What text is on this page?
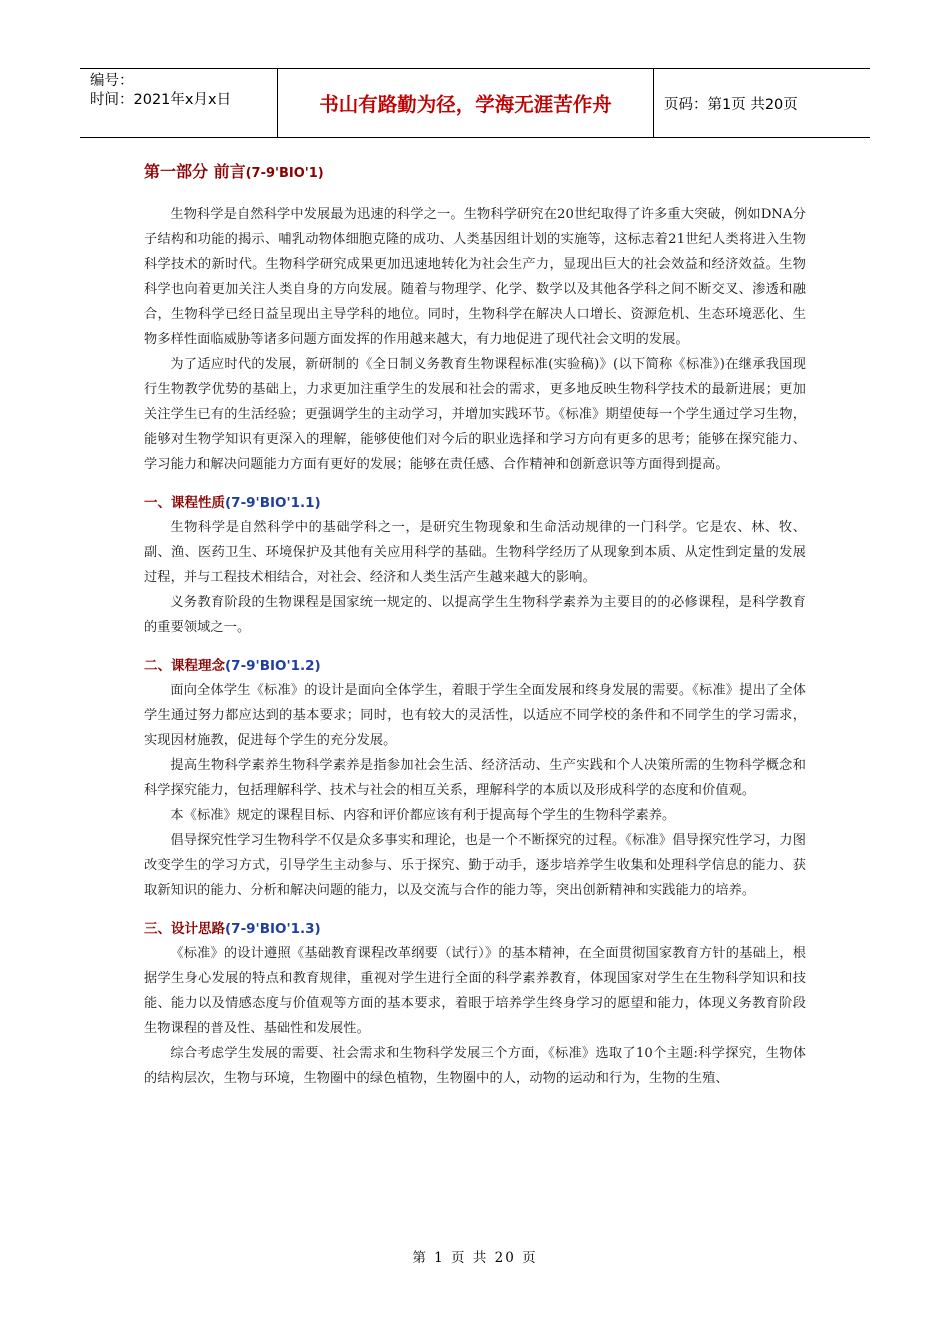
编号：
时间：2021年x月x日	书山有路勤为径，学海无涯苦作舟	页码：第1页 共20页
第一部分 前言(7-9'BIO'1)

生物科学是自然科学中发展最为迅速的科学之一。生物科学研究在20世纪取得了许多重大突破，例如DNA分子结构和功能的揭示、哺乳动物体细胞克隆的成功、人类基因组计划的实施等，这标志着21世纪人类将进入生物科学技术的新时代。生物科学研究成果更加迅速地转化为社会生产力，显现出巨大的社会效益和经济效益。生物科学也向着更加关注人类自身的方向发展。随着与物理学、化学、数学以及其他各学科之间不断交叉、渗透和融合，生物科学已经日益呈现出主导学科的地位。同时，生物科学在解决人口增长、资源危机、生态环境恶化、生物多样性面临威胁等诸多问题方面发挥的作用越来越大，有力地促进了现代社会文明的发展。

为了适应时代的发展，新研制的《全日制义务教育生物课程标准(实验稿)》(以下简称《标准》)在继承我国现行生物教学优势的基础上，力求更加注重学生的发展和社会的需求，更多地反映生物科学技术的最新进展；更加关注学生已有的生活经验；更强调学生的主动学习，并增加实践环节。《标准》期望使每一个学生通过学习生物，能够对生物学知识有更深入的理解，能够使他们对今后的职业选择和学习方向有更多的思考；能够在探究能力、学习能力和解决问题能力方面有更好的发展；能够在责任感、合作精神和创新意识等方面得到提高。

一、课程性质(7-9'BIO'1.1)

生物科学是自然科学中的基础学科之一，是研究生物现象和生命活动规律的一门科学。它是农、林、牧、副、渔、医药卫生、环境保护及其他有关应用科学的基础。生物科学经历了从现象到本质、从定性到定量的发展过程，并与工程技术相结合，对社会、经济和人类生活产生越来越大的影响。

义务教育阶段的生物课程是国家统一规定的、以提高学生生物科学素养为主要目的的必修课程，是科学教育的重要领域之一。

二、课程理念(7-9'BIO'1.2)

面向全体学生《标准》的设计是面向全体学生，着眼于学生全面发展和终身发展的需要。《标准》提出了全体学生通过努力都应达到的基本要求；同时，也有较大的灵活性，以适应不同学校的条件和不同学生的学习需求，实现因材施教，促进每个学生的充分发展。

提高生物科学素养生物科学素养是指参加社会生活、经济活动、生产实践和个人决策所需的生物科学概念和科学探究能力，包括理解科学、技术与社会的相互关系，理解科学的本质以及形成科学的态度和价值观。

本《标准》规定的课程目标、内容和评价都应该有利于提高每个学生的生物科学素养。

倡导探究性学习生物科学不仅是众多事实和理论，也是一个不断探究的过程。《标准》倡导探究性学习，力图改变学生的学习方式，引导学生主动参与、乐于探究、勤于动手，逐步培养学生收集和处理科学信息的能力、获取新知识的能力、分析和解决问题的能力，以及交流与合作的能力等，突出创新精神和实践能力的培养。

三、设计思路(7-9'BIO'1.3)

《标准》的设计遵照《基础教育课程改革纲要（试行）》的基本精神，在全面贯彻国家教育方针的基础上，根据学生身心发展的特点和教育规律，重视对学生进行全面的科学素养教育，体现国家对学生在生物科学知识和技能、能力以及情感态度与价值观等方面的基本要求，着眼于培养学生终身学习的愿望和能力，体现义务教育阶段生物课程的普及性、基础性和发展性。

综合考虑学生发展的需要、社会需求和生物科学发展三个方面，《标准》选取了10个主题:科学探究，生物体的结构层次，生物与环境，生物圈中的绿色植物，生物圈中的人，动物的运动和行为，生物的生殖、

第 1 页 共 20 页
